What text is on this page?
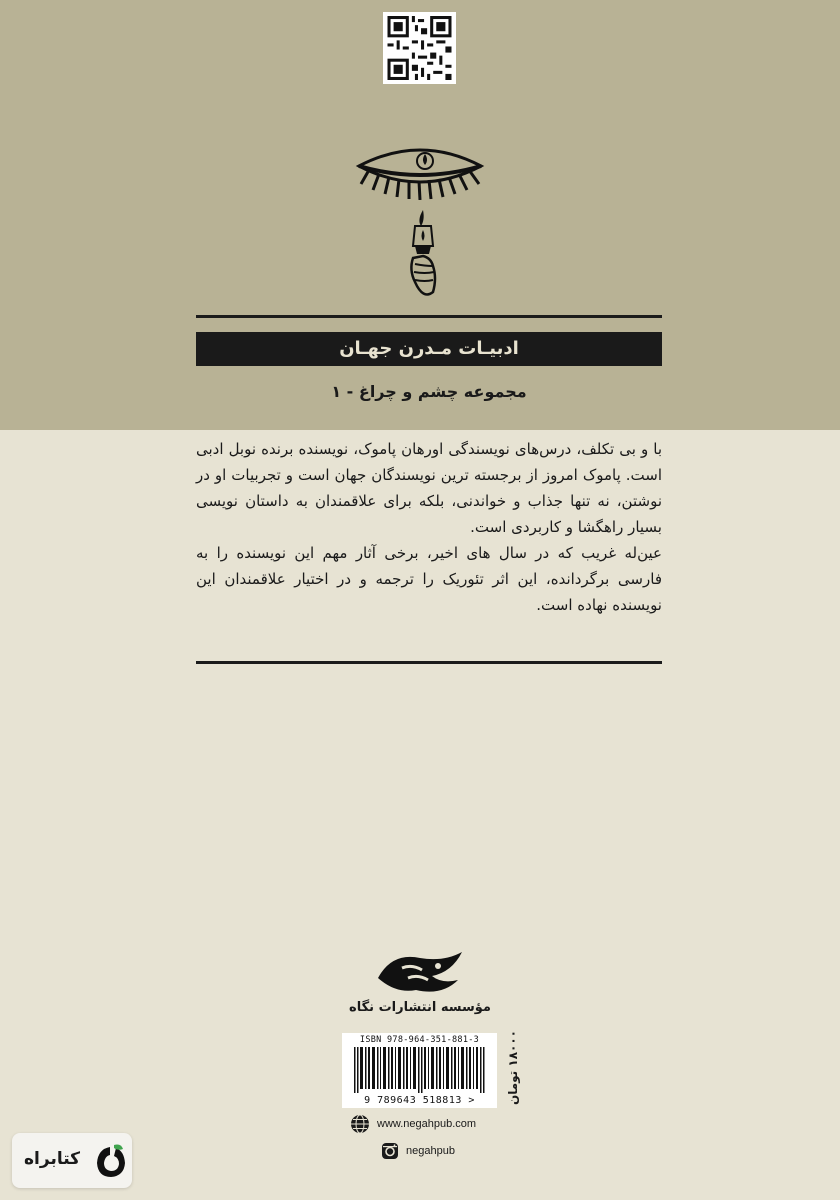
ادبیـات مـدرن جهـان
مجموعه چشم و چراغ - ۱

با و بی تکلف، درس‌های نویسندگی اورهان پاموک، نویسنده برنده نوبل ادبی است. پاموک امروز از برجسته ترین نویسندگان جهان است و تجربیات او در نوشتن، نه تنها جذاب و خواندنی، بلکه برای علاقمندان به داستان نویسی بسیار راهگشا و کاربردی است.

عین‌له غریب که در سال های اخیر، برخی آثار مهم این نویسنده را به فارسی برگردانده، این اثر تئوریک را ترجمه و در اختیار علاقمندان این نویسنده نهاده است.

مؤسسه انتشارات نگاه
ISBN 978-964-351-881-3
9 789643 518813 >	۱۸۰۰۰ تومان
www.negahpub.com
negahpub
کتابراه
